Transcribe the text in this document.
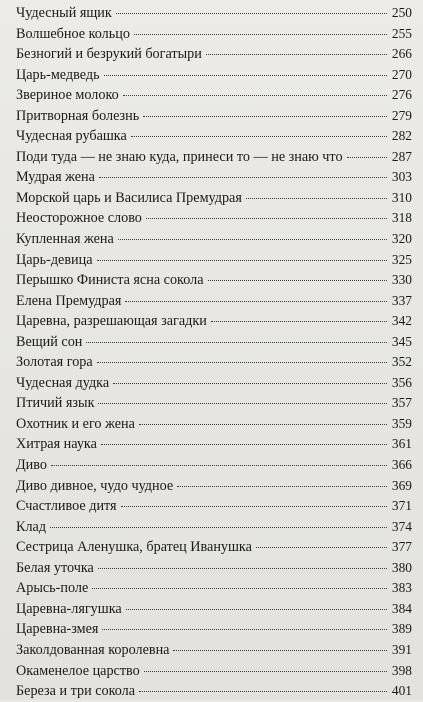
Чудесный ящик	250
Волшебное кольцо	255
Безногий и безрукий богатыри	266
Царь-медведь	270
Звериное молоко	276
Притворная болезнь	279
Чудесная рубашка	282
Поди туда — не знаю куда, принеси то — не знаю что	287
Мудрая жена	303
Морской царь и Василиса Премудрая	310
Неосторожное слово	318
Купленная жена	320
Царь-девица	325
Перышко Финиста ясна сокола	330
Елена Премудрая	337
Царевна, разрешающая загадки	342
Вещий сон	345
Золотая гора	352
Чудесная дудка	356
Птичий язык	357
Охотник и его жена	359
Хитрая наука	361
Диво	366
Диво дивное, чудо чудное	369
Счастливое дитя	371
Клад	374
Сестрица Аленушка, братец Иванушка	377
Белая уточка	380
Арысь-поле	383
Царевна-лягушка	384
Царевна-змея	389
Заколдованная королевна	391
Окаменелое царство	398
Береза и три сокола	401
